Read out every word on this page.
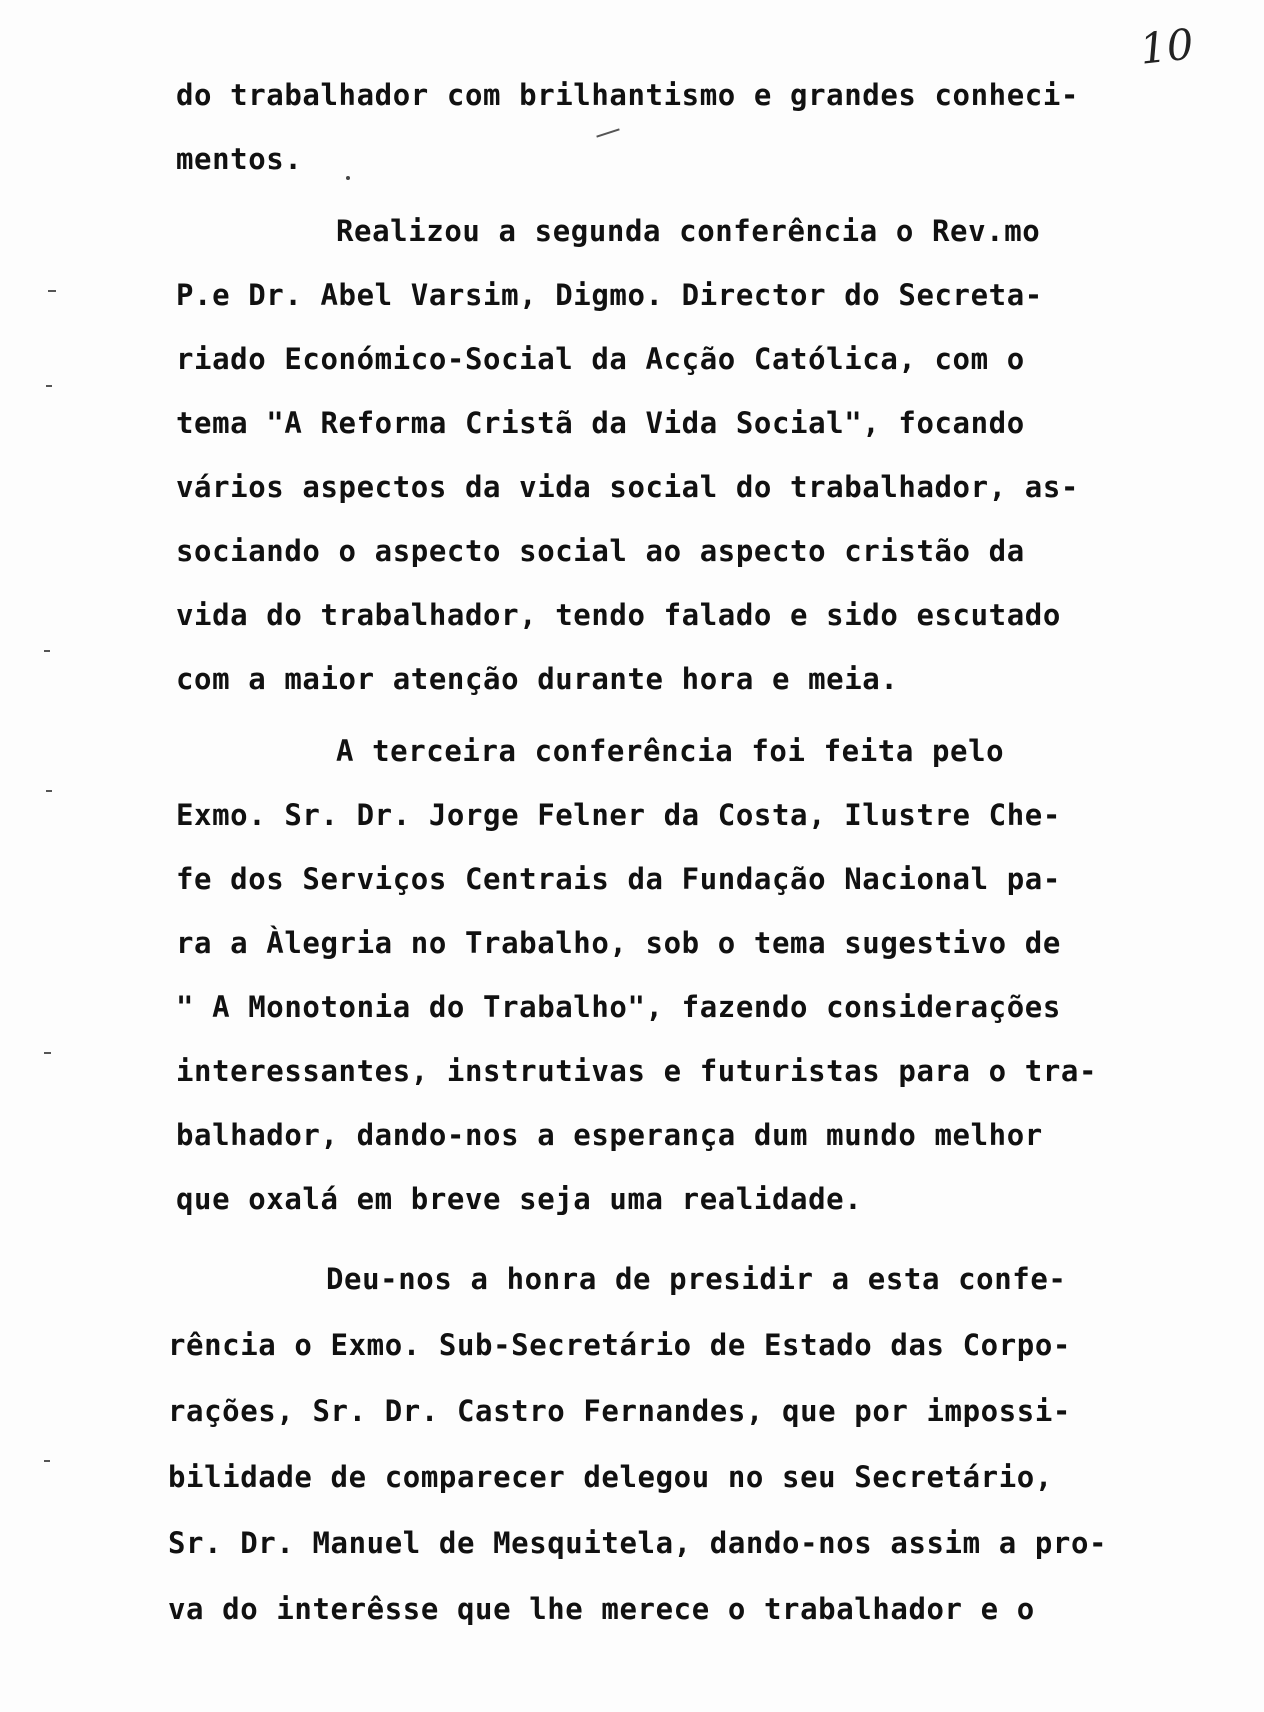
10
do trabalhador com brilhantismo e grandes conheci-
mentos.
Realizou a segunda conferência o Rev.mo
P.e Dr. Abel Varsim, Digmo. Director do Secreta-
riado Económico-Social da Acção Católica, com o
tema "A Reforma Cristã da Vida Social", focando
vários aspectos da vida social do trabalhador, as-
sociando o aspecto social ao aspecto cristão da
vida do trabalhador, tendo falado e sido escutado
com a maior atenção durante hora e meia.
A terceira conferência foi feita pelo
Exmo. Sr. Dr. Jorge Felner da Costa, Ilustre Che-
fe dos Serviços Centrais da Fundação Nacional pa-
ra a Àlegria no Trabalho, sob o tema sugestivo de
" A Monotonia do Trabalho", fazendo considerações
interessantes, instrutivas e futuristas para o tra-
balhador, dando-nos a esperança dum mundo melhor
que oxalá em breve seja uma realidade.
Deu-nos a honra de presidir a esta confe-
rência o Exmo. Sub-Secretário de Estado das Corpo-
rações, Sr. Dr. Castro Fernandes, que por impossi-
bilidade de comparecer delegou no seu Secretário,
Sr. Dr. Manuel de Mesquitela, dando-nos assim a pro-
va do interêsse que lhe merece o trabalhador e o
